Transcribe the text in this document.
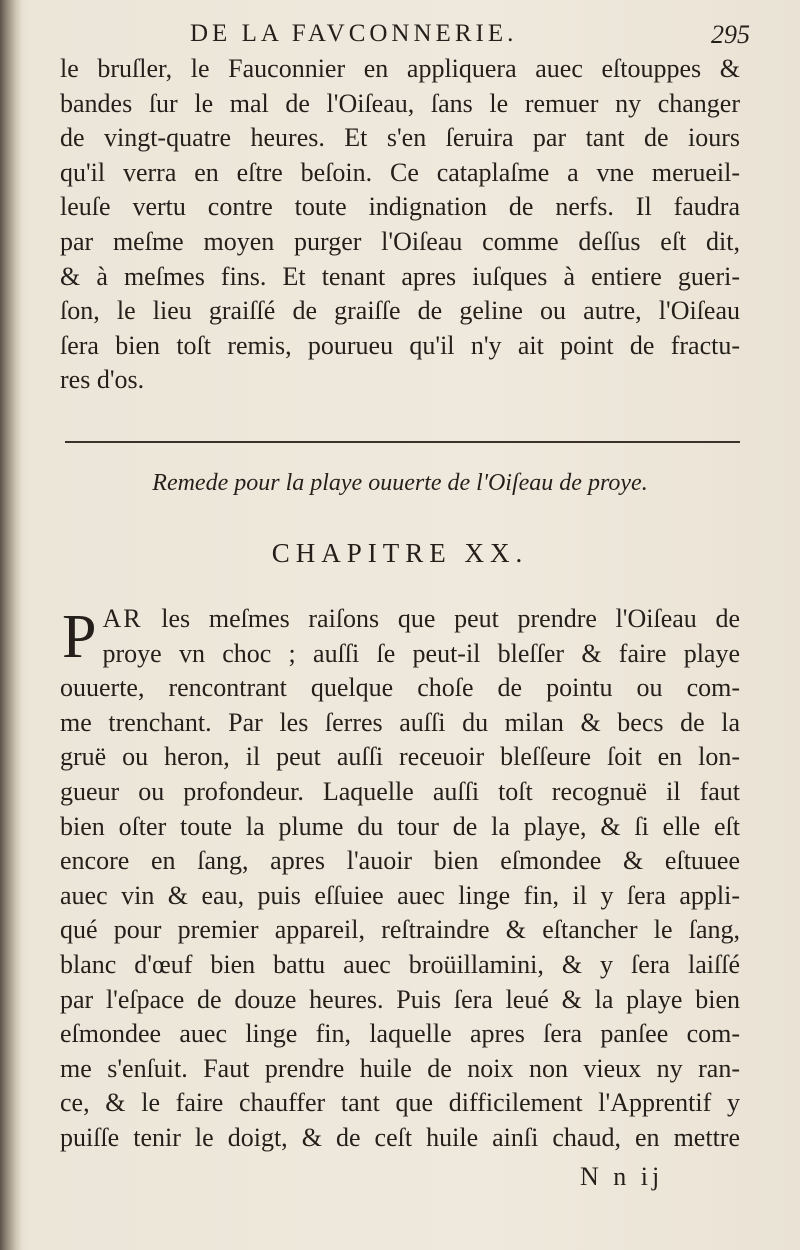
DE LA FAVCONNERIE.	295
le bruſler, le Fauconnier en appliquera auec eſtouppes &
bandes ſur le mal de l'Oiſeau, ſans le remuer ny changer
de vingt-quatre heures. Et s'en ſeruira par tant de iours
qu'il verra en eſtre beſoin. Ce cataplaſme a vne merueil-
leuſe vertu contre toute indignation de nerfs. Il faudra
par meſme moyen purger l'Oiſeau comme deſſus eſt dit,
& à meſmes fins. Et tenant apres iuſques à entiere gueri-
ſon, le lieu graiſſé de graiſſe de geline ou autre, l'Oiſeau
ſera bien toſt remis, pourueu qu'il n'y ait point de fractu-
res d'os.
Remede pour la playe ouuerte de l'Oiſeau de proye.
CHAPITRE XX.
P AR les meſmes raiſons que peut prendre l'Oiſeau de
proye vn choc ; auſſi ſe peut-il bleſſer & faire playe
ouuerte, rencontrant quelque choſe de pointu ou com-
me trenchant. Par les ſerres auſſi du milan & becs de la
gruë ou heron, il peut auſſi receuoir bleſſeure ſoit en lon-
gueur ou profondeur. Laquelle auſſi toſt recognuë il faut
bien oſter toute la plume du tour de la playe, & ſi elle eſt
encore en ſang, apres l'auoir bien eſmondee & eſtuuee
auec vin & eau, puis eſſuiee auec linge fin, il y ſera appli-
qué pour premier appareil, reſtraindre & eſtancher le ſang,
blanc d'œuf bien battu auec broüillamini, & y ſera laiſſé
par l'eſpace de douze heures. Puis ſera leué & la playe bien
eſmondee auec linge fin, laquelle apres ſera panſee com-
me s'enſuit. Faut prendre huile de noix non vieux ny ran-
ce, & le faire chauffer tant que difficilement l'Apprentif y
puiſſe tenir le doigt, & de ceſt huile ainſi chaud, en mettre
N n ij
